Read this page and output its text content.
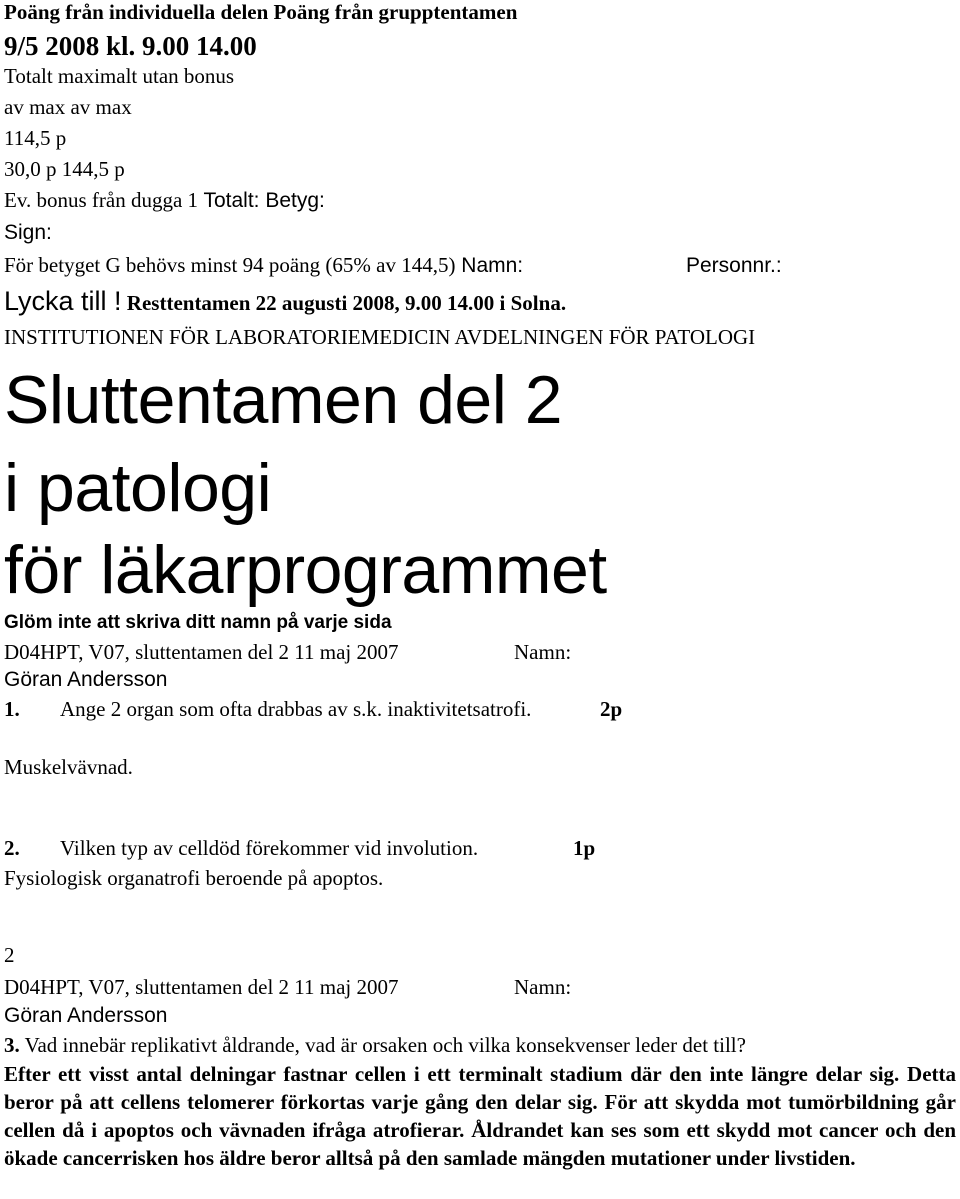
Poäng från individuella delen Poäng från grupptentamen
9/5 2008 kl. 9.00 14.00
Totalt maximalt utan bonus
av max av max
114,5 p
30,0 p 144,5 p
Ev. bonus från dugga 1 Totalt: Betyg:
Sign:
För betyget G behövs minst 94 poäng (65% av 144,5) Namn:	Personnr.:
Lycka till ! Resttentamen 22 augusti 2008, 9.00 14.00 i Solna.
INSTITUTIONEN FÖR LABORATORIEMEDICIN AVDELNINGEN FÖR PATOLOGI
Sluttentamen del 2
i patologi
för läkarprogrammet
Glöm inte att skriva ditt namn på varje sida
D04HPT, V07, sluttentamen del 2 11 maj 2007	Namn:
Göran Andersson
1. Ange 2 organ som ofta drabbas av s.k. inaktivitetsatrofi.	2p
Muskelvävnad.
2. Vilken typ av celldöd förekommer vid involution.	1p
Fysiologisk organatrofi beroende på apoptos.
2
D04HPT, V07, sluttentamen del 2 11 maj 2007	Namn:
Göran Andersson
3. Vad innebär replikativt åldrande, vad är orsaken och vilka konsekvenser leder det till?
Efter ett visst antal delningar fastnar cellen i ett terminalt stadium där den inte längre delar sig. Detta beror på att cellens telomerer förkortas varje gång den delar sig. För att skydda mot tumörbildning går cellen då i apoptos och vävnaden ifråga atrofierar. Åldrandet kan ses som ett skydd mot cancer och den ökade cancerrisken hos äldre beror alltså på den samlade mängden mutationer under livstiden.
